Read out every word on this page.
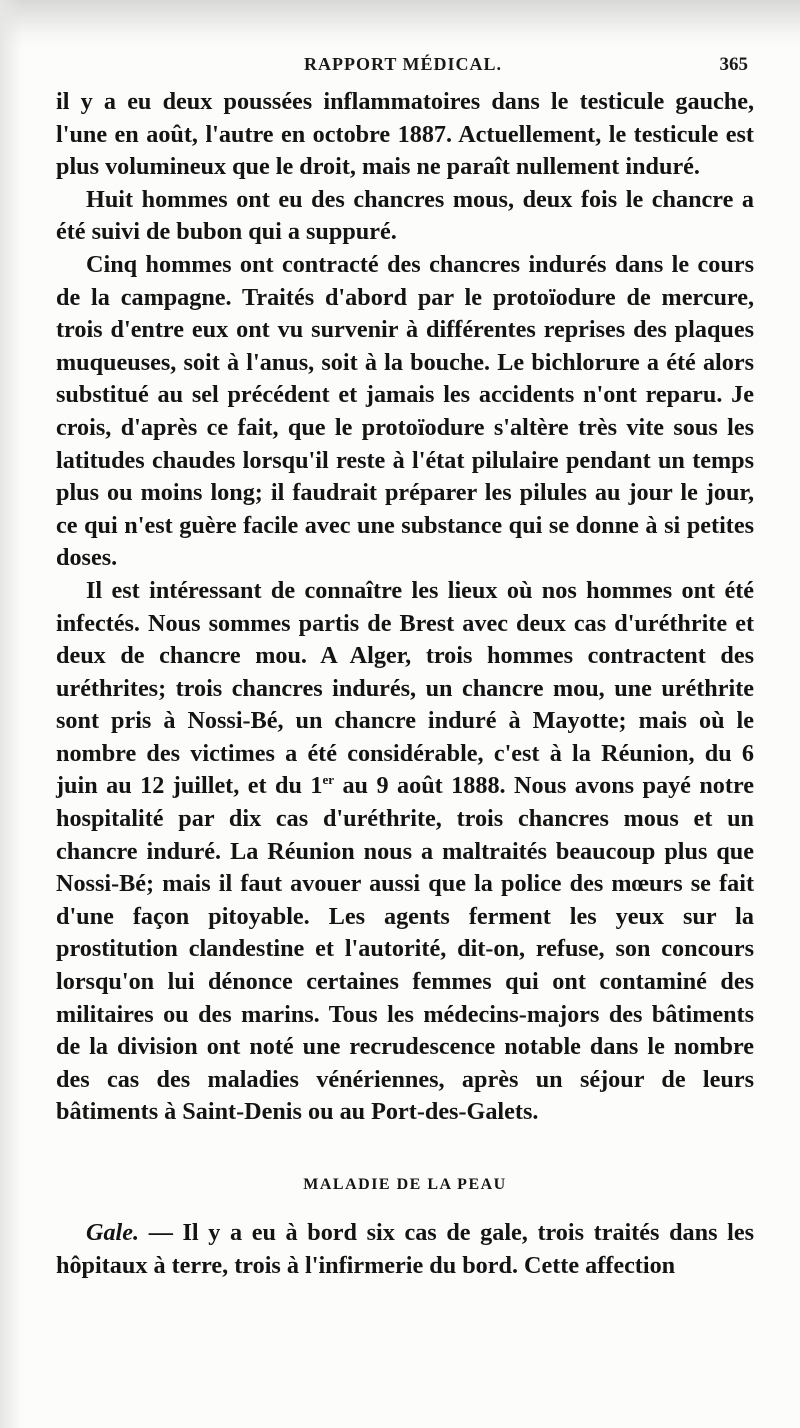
RAPPORT MÉDICAL.	365

il y a eu deux poussées inflammatoires dans le testicule gauche, l'une en août, l'autre en octobre 1887. Actuellement, le testicule est plus volumineux que le droit, mais ne paraît nullement induré.

Huit hommes ont eu des chancres mous, deux fois le chancre a été suivi de bubon qui a suppuré.

Cinq hommes ont contracté des chancres indurés dans le cours de la campagne. Traités d'abord par le protoïodure de mercure, trois d'entre eux ont vu survenir à différentes reprises des plaques muqueuses, soit à l'anus, soit à la bouche. Le bichlorure a été alors substitué au sel précédent et jamais les accidents n'ont reparu. Je crois, d'après ce fait, que le protoïodure s'altère très vite sous les latitudes chaudes lorsqu'il reste à l'état pilulaire pendant un temps plus ou moins long; il faudrait préparer les pilules au jour le jour, ce qui n'est guère facile avec une substance qui se donne à si petites doses.

Il est intéressant de connaître les lieux où nos hommes ont été infectés. Nous sommes partis de Brest avec deux cas d'uréthrite et deux de chancre mou. A Alger, trois hommes contractent des uréthrites; trois chancres indurés, un chancre mou, une uréthrite sont pris à Nossi-Bé, un chancre induré à Mayotte; mais où le nombre des victimes a été considérable, c'est à la Réunion, du 6 juin au 12 juillet, et du 1er au 9 août 1888. Nous avons payé notre hospitalité par dix cas d'uréthrite, trois chancres mous et un chancre induré. La Réunion nous a maltraités beaucoup plus que Nossi-Bé; mais il faut avouer aussi que la police des mœurs se fait d'une façon pitoyable. Les agents ferment les yeux sur la prostitution clandestine et l'autorité, dit-on, refuse, son concours lorsqu'on lui dénonce certaines femmes qui ont contaminé des militaires ou des marins. Tous les médecins-majors des bâtiments de la division ont noté une recrudescence notable dans le nombre des cas des maladies vénériennes, après un séjour de leurs bâtiments à Saint-Denis ou au Port-des-Galets.

MALADIE DE LA PEAU

Gale. — Il y a eu à bord six cas de gale, trois traités dans les hôpitaux à terre, trois à l'infirmerie du bord. Cette affection
